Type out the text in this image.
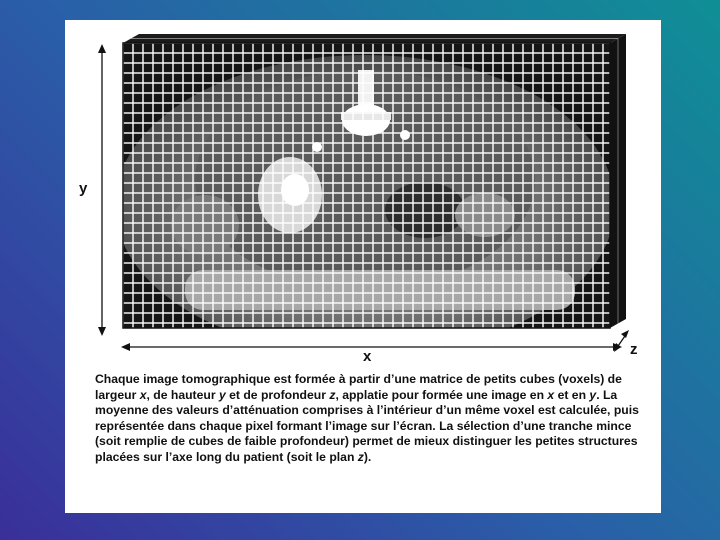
y
x	z

Chaque image tomographique est formée à partir d’une matrice de petits cubes (voxels) de largeur x, de hauteur y et de profondeur z, applatie pour formée une image en x et en y. La moyenne des valeurs d’atténuation comprises à l’intérieur d’un même voxel est calculée, puis représentée dans chaque pixel formant l’image sur l’écran. La sélection d’une tranche mince (soit remplie de cubes de faible profondeur) permet de mieux distinguer les petites structures placées sur l’axe long du patient (soit le plan z).
